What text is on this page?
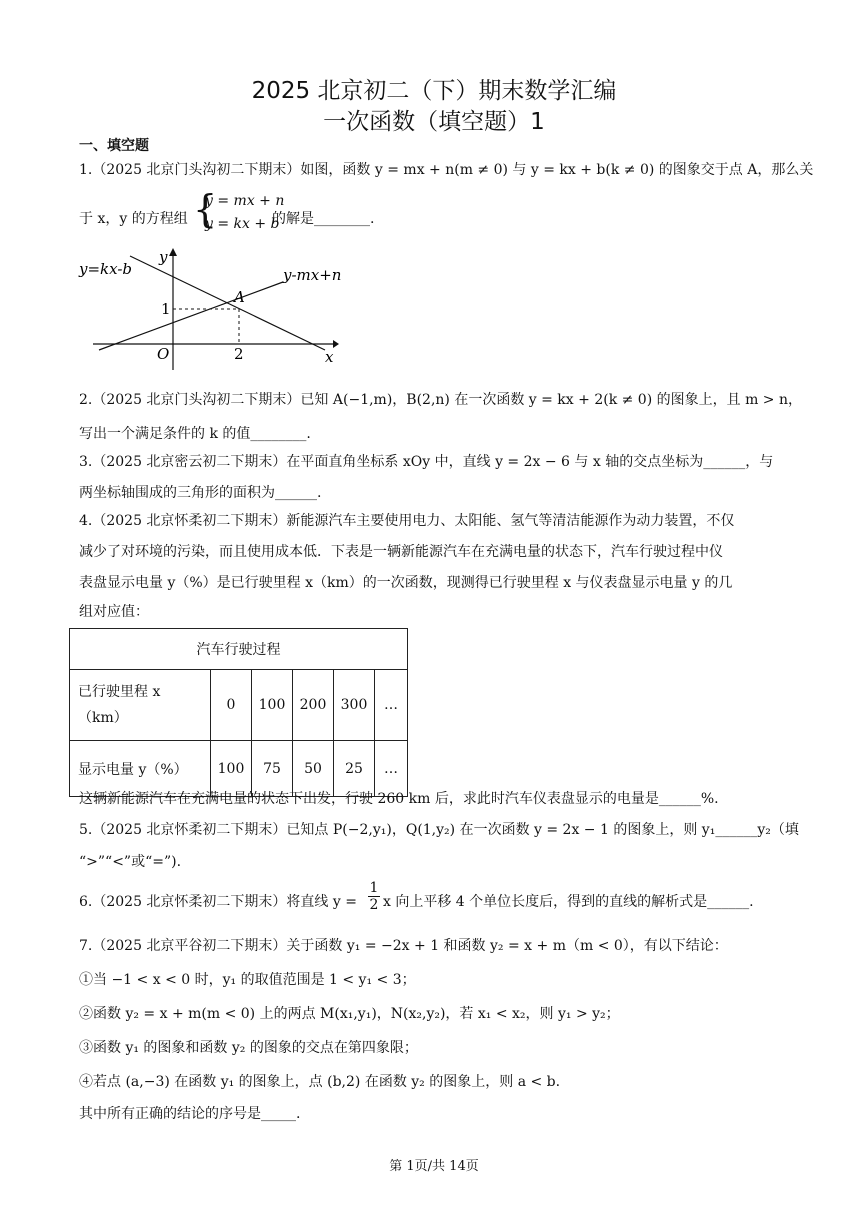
2025 北京初二（下）期末数学汇编
一次函数（填空题）1
一、填空题
1.（2025 北京门头沟初二下期末）如图，函数 y = mx + n(m ≠ 0) 与 y = kx + b(k ≠ 0) 的图象交于点 A，那么关
于 x，y 的方程组 {
y = mx + n
y = kx + b
的解是________.
y=kx-b	y-mx+n
y
x
O
A
1
2
2.（2025 北京门头沟初二下期末）已知 A(−1,m)，B(2,n) 在一次函数 y = kx + 2(k ≠ 0) 的图象上，且 m > n，
写出一个满足条件的 k 的值________.
3.（2025 北京密云初二下期末）在平面直角坐标系 xOy 中，直线 y = 2x − 6 与 x 轴的交点坐标为______，与
两坐标轴围成的三角形的面积为______.
4.（2025 北京怀柔初二下期末）新能源汽车主要使用电力、太阳能、氢气等清洁能源作为动力装置，不仅
减少了对环境的污染，而且使用成本低．下表是一辆新能源汽车在充满电量的状态下，汽车行驶过程中仪
表盘显示电量 y（%）是已行驶里程 x（km）的一次函数，现测得已行驶里程 x 与仪表盘显示电量 y 的几
组对应值：
汽车行驶过程					
已行驶里程 x
（km）	0	100	200	300	…
显示电量 y（%）	100	75	50	25	…
这辆新能源汽车在充满电量的状态下出发，行驶 260 km 后，求此时汽车仪表盘显示的电量是______%.
5.（2025 北京怀柔初二下期末）已知点 P(−2,y₁)，Q(1,y₂) 在一次函数 y = 2x − 1 的图象上，则 y₁______y₂（填
“>”“<”或“=”).
6.（2025 北京怀柔初二下期末）将直线 $y = \frac{1}{2}$ x 向上平移 4 个单位长度后，得到的直线的解析式是______.
7.（2025 北京平谷初二下期末）关于函数 y₁ = −2x + 1 和函数 y₂ = x + m（m < 0），有以下结论：
①当 −1 < x < 0 时，y₁ 的取值范围是 1 < y₁ < 3；
②函数 y₂ = x + m(m < 0) 上的两点 M(x₁,y₁)，N(x₂,y₂)，若 x₁ < x₂，则 y₁ > y₂；
③函数 y₁ 的图象和函数 y₂ 的图象的交点在第四象限；
④若点 (a,−3) 在函数 y₁ 的图象上，点 (b,2) 在函数 y₂ 的图象上，则 a < b.
其中所有正确的结论的序号是_____.
第 1页/共 14页
